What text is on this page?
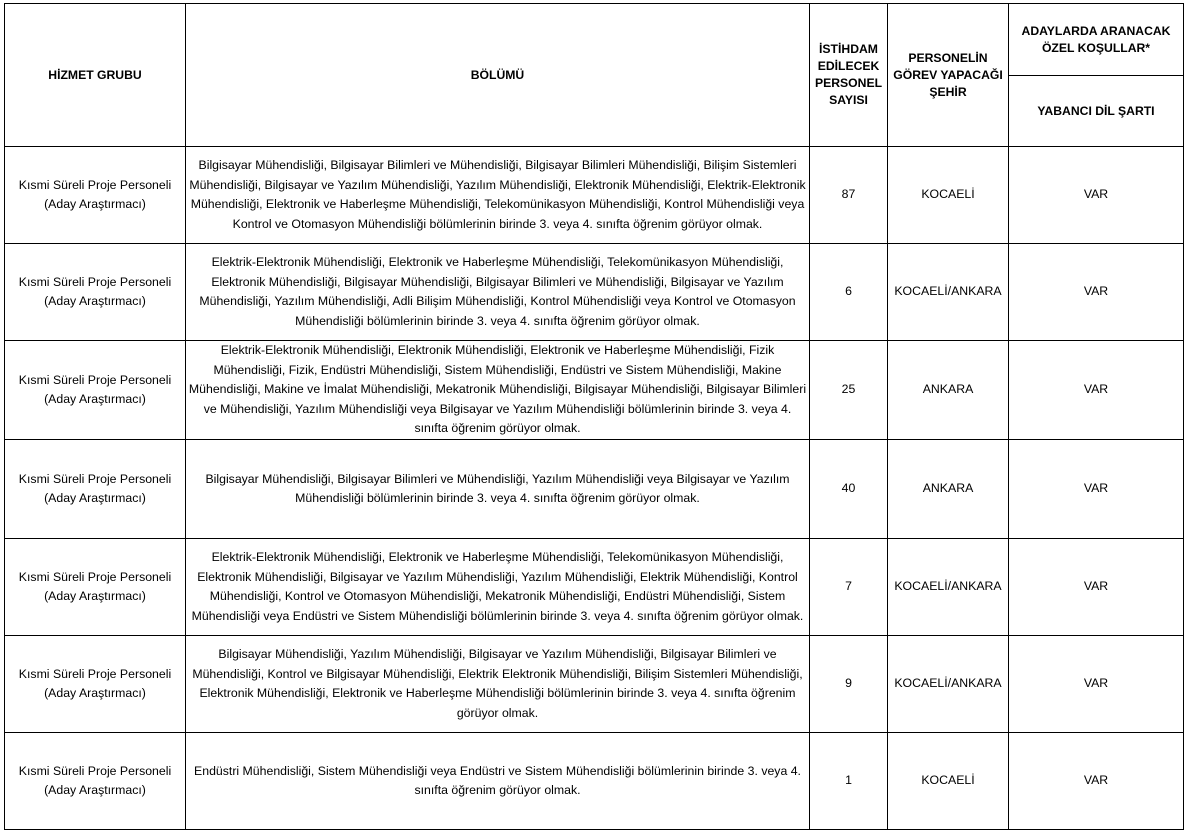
HİZMET GRUBU	BÖLÜMÜ	İSTİHDAM EDİLECEK PERSONEL SAYISI	PERSONELİN GÖREV YAPACAĞI ŞEHİR	ADAYLARDA ARANACAK ÖZEL KOŞULLAR*
				YABANCI DİL ŞARTI
Kısmi Süreli Proje Personeli (Aday Araştırmacı)	Bilgisayar Mühendisliği, Bilgisayar Bilimleri ve Mühendisliği, Bilgisayar Bilimleri Mühendisliği, Bilişim Sistemleri Mühendisliği, Bilgisayar ve Yazılım Mühendisliği, Yazılım Mühendisliği, Elektronik Mühendisliği, Elektrik-Elektronik Mühendisliği, Elektronik ve Haberleşme Mühendisliği, Telekomünikasyon Mühendisliği, Kontrol Mühendisliği veya Kontrol ve Otomasyon Mühendisliği bölümlerinin birinde 3. veya 4. sınıfta öğrenim görüyor olmak.	87	KOCAELİ	VAR
Kısmi Süreli Proje Personeli (Aday Araştırmacı)	Elektrik-Elektronik Mühendisliği, Elektronik ve Haberleşme Mühendisliği, Telekomünikasyon Mühendisliği, Elektronik Mühendisliği, Bilgisayar Mühendisliği, Bilgisayar Bilimleri ve Mühendisliği, Bilgisayar ve Yazılım Mühendisliği, Yazılım Mühendisliği, Adli Bilişim Mühendisliği, Kontrol Mühendisliği veya Kontrol ve Otomasyon Mühendisliği bölümlerinin birinde 3. veya 4. sınıfta öğrenim görüyor olmak.	6	KOCAELİ/ANKARA	VAR
Kısmi Süreli Proje Personeli (Aday Araştırmacı)	Elektrik-Elektronik Mühendisliği, Elektronik Mühendisliği, Elektronik ve Haberleşme Mühendisliği, Fizik Mühendisliği, Fizik, Endüstri Mühendisliği, Sistem Mühendisliği, Endüstri ve Sistem Mühendisliği, Makine Mühendisliği, Makine ve İmalat Mühendisliği, Mekatronik Mühendisliği, Bilgisayar Mühendisliği, Bilgisayar Bilimleri ve Mühendisliği, Yazılım Mühendisliği veya Bilgisayar ve Yazılım Mühendisliği bölümlerinin birinde 3. veya 4. sınıfta öğrenim görüyor olmak.	25	ANKARA	VAR
Kısmi Süreli Proje Personeli (Aday Araştırmacı)	Bilgisayar Mühendisliği, Bilgisayar Bilimleri ve Mühendisliği, Yazılım Mühendisliği veya Bilgisayar ve Yazılım Mühendisliği bölümlerinin birinde 3. veya 4. sınıfta öğrenim görüyor olmak.	40	ANKARA	VAR
Kısmi Süreli Proje Personeli (Aday Araştırmacı)	Elektrik-Elektronik Mühendisliği, Elektronik ve Haberleşme Mühendisliği, Telekomünikasyon Mühendisliği, Elektronik Mühendisliği, Bilgisayar ve Yazılım Mühendisliği, Yazılım Mühendisliği, Elektrik Mühendisliği, Kontrol Mühendisliği, Kontrol ve Otomasyon Mühendisliği, Mekatronik Mühendisliği, Endüstri Mühendisliği, Sistem Mühendisliği veya Endüstri ve Sistem Mühendisliği bölümlerinin birinde 3. veya 4. sınıfta öğrenim görüyor olmak.	7	KOCAELİ/ANKARA	VAR
Kısmi Süreli Proje Personeli (Aday Araştırmacı)	Bilgisayar Mühendisliği, Yazılım Mühendisliği, Bilgisayar ve Yazılım Mühendisliği, Bilgisayar Bilimleri ve Mühendisliği, Kontrol ve Bilgisayar Mühendisliği, Elektrik Elektronik Mühendisliği, Bilişim Sistemleri Mühendisliği, Elektronik Mühendisliği, Elektronik ve Haberleşme Mühendisliği bölümlerinin birinde 3. veya 4. sınıfta öğrenim görüyor olmak.	9	KOCAELİ/ANKARA	VAR
Kısmi Süreli Proje Personeli (Aday Araştırmacı)	Endüstri Mühendisliği, Sistem Mühendisliği veya Endüstri ve Sistem Mühendisliği bölümlerinin birinde 3. veya 4. sınıfta öğrenim görüyor olmak.	1	KOCAELİ	VAR
